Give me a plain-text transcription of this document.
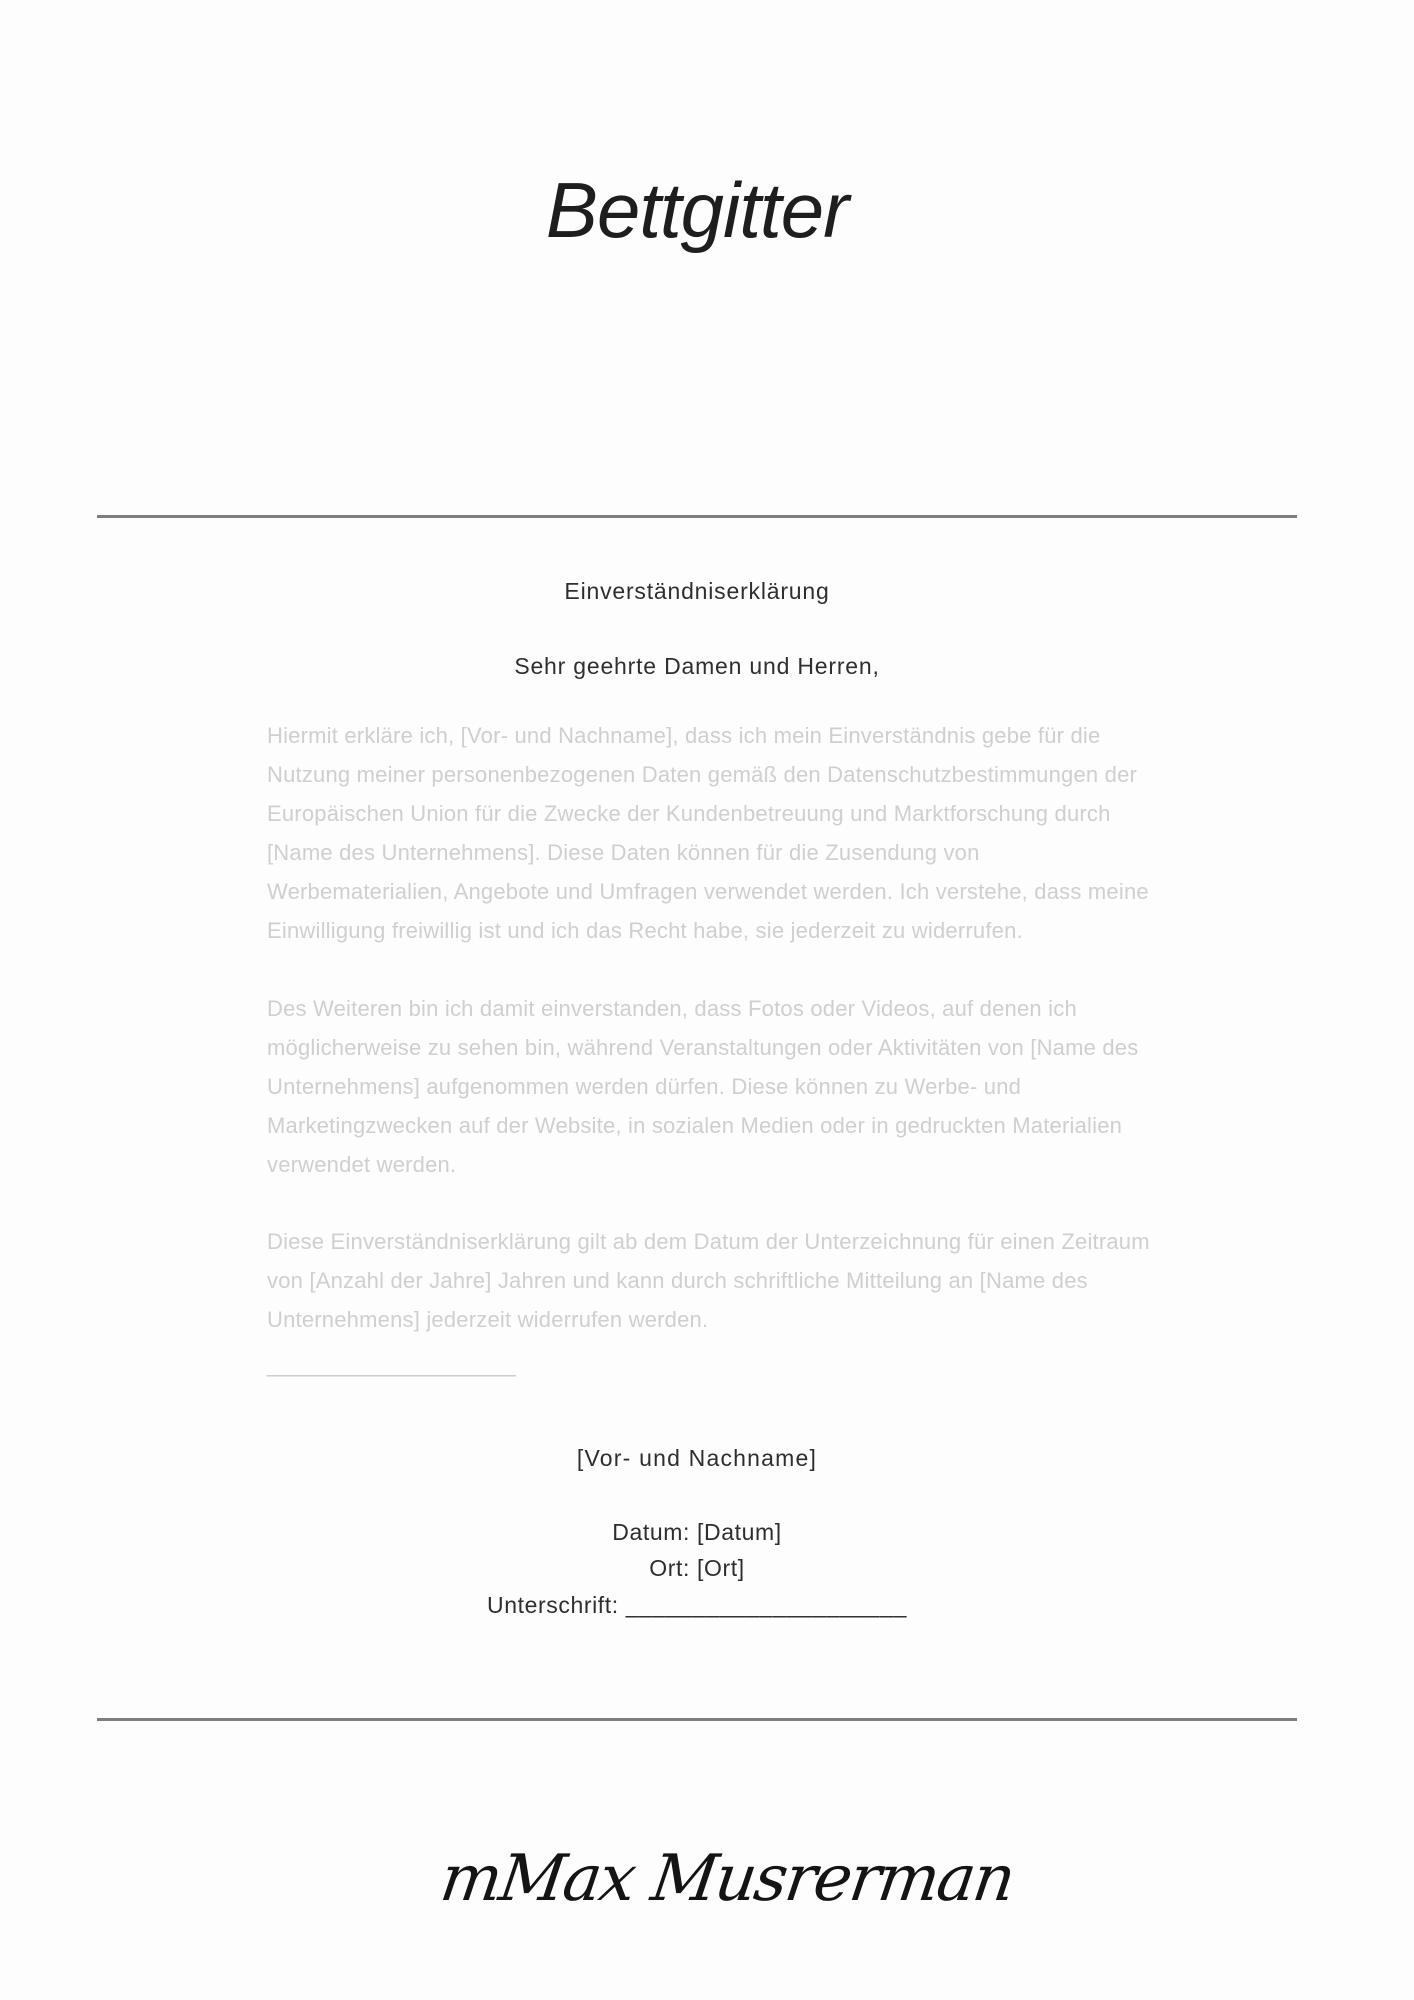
Bettgitter

Einverständniserklärung

Sehr geehrte Damen und Herren,

Hiermit erkläre ich, [Vor- und Nachname], dass ich mein Einverständnis gebe für die Nutzung meiner personenbezogenen Daten gemäß den Datenschutzbestimmungen der Europäischen Union für die Zwecke der Kundenbetreuung und Marktforschung durch [Name des Unternehmens]. Diese Daten können für die Zusendung von Werbematerialien, Angebote und Umfragen verwendet werden. Ich verstehe, dass meine Einwilligung freiwillig ist und ich das Recht habe, sie jederzeit zu widerrufen.

Des Weiteren bin ich damit einverstanden, dass Fotos oder Videos, auf denen ich möglicherweise zu sehen bin, während Veranstaltungen oder Aktivitäten von [Name des Unternehmens] aufgenommen werden dürfen. Diese können zu Werbe- und Marketingzwecken auf der Website, in sozialen Medien oder in gedruckten Materialien verwendet werden.

Diese Einverständniserklärung gilt ab dem Datum der Unterzeichnung für einen Zeitraum von [Anzahl der Jahre] Jahren und kann durch schriftliche Mitteilung an [Name des Unternehmens] jederzeit widerrufen werden.

____________________

[Vor- und Nachname]

Datum: [Datum]

Ort: [Ort]

Unterschrift: _____________________

mMax Musrerman
